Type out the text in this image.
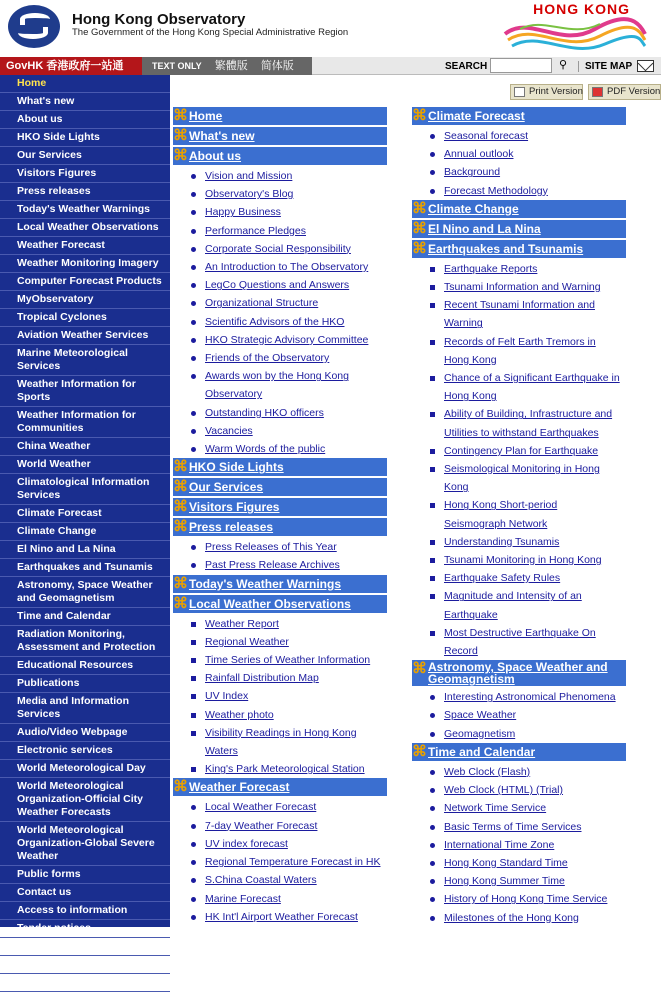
Hong Kong Observatory
The Government of the Hong Kong Special Administrative Region
HONG KONG
GovHK 香港政府一站通	TEXT ONLY 繁體版 简体版	SEARCH	⚲	SITE MAP
Home
What's new
About us
HKO Side Lights
Our Services
Visitors Figures
Press releases
Today's Weather Warnings
Local Weather Observations
Weather Forecast
Weather Monitoring Imagery
Computer Forecast Products
MyObservatory
Tropical Cyclones
Aviation Weather Services
Marine Meteorological Services
Weather Information for Sports
Weather Information for Communities
China Weather
World Weather
Climatological Information Services
Climate Forecast
Climate Change
El Nino and La Nina
Earthquakes and Tsunamis
Astronomy, Space Weather and Geomagnetism
Time and Calendar
Radiation Monitoring, Assessment and Protection
Educational Resources
Publications
Media and Information Services
Audio/Video Webpage
Electronic services
World Meteorological Day
World Meteorological Organization-Official City Weather Forecasts
World Meteorological Organization-Global Severe Weather
Public forms
Contact us
Access to information
Tender notices
Links
Important notices
Mobile Version
Print Version	PDF Version
⌘ Home
⌘ What's new
⌘ About us
Vision and Mission
Observatory's Blog
Happy Business
Performance Pledges
Corporate Social Responsibility
An Introduction to The Observatory
LegCo Questions and Answers
Organizational Structure
Scientific Advisors of the HKO
HKO Strategic Advisory Committee
Friends of the Observatory
Awards won by the Hong Kong Observatory
Outstanding HKO officers
Vacancies
Warm Words of the public
⌘ HKO Side Lights
⌘ Our Services
⌘ Visitors Figures
⌘ Press releases
Press Releases of This Year
Past Press Release Archives
⌘ Today's Weather Warnings
⌘ Local Weather Observations
Weather Report
Regional Weather
Time Series of Weather Information
Rainfall Distribution Map
UV Index
Weather photo
Visibility Readings in Hong Kong Waters
King's Park Meteorological Station
⌘ Weather Forecast
Local Weather Forecast
7-day Weather Forecast
UV index forecast
Regional Temperature Forecast in HK
S.China Coastal Waters
Marine Forecast
HK Int'l Airport Weather Forecast
⌘ Climate Forecast
Seasonal forecast
Annual outlook
Background
Forecast Methodology
⌘ Climate Change
⌘ El Nino and La Nina
⌘ Earthquakes and Tsunamis
Earthquake Reports
Tsunami Information and Warning
Recent Tsunami Information and Warning
Records of Felt Earth Tremors in Hong Kong
Chance of a Significant Earthquake in Hong Kong
Ability of Building, Infrastructure and Utilities to withstand Earthquakes
Contingency Plan for Earthquake
Seismological Monitoring in Hong Kong
Hong Kong Short-period Seismograph Network
Understanding Tsunamis
Tsunami Monitoring in Hong Kong
Earthquake Safety Rules
Magnitude and Intensity of an Earthquake
Most Destructive Earthquake On Record
⌘ Astronomy, Space Weather and Geomagnetism
Interesting Astronomical Phenomena
Space Weather
Geomagnetism
⌘ Time and Calendar
Web Clock (Flash)
Web Clock (HTML) (Trial)
Network Time Service
Basic Terms of Time Services
International Time Zone
Hong Kong Standard Time
Hong Kong Summer Time
History of Hong Kong Time Service
Milestones of the Hong Kong
